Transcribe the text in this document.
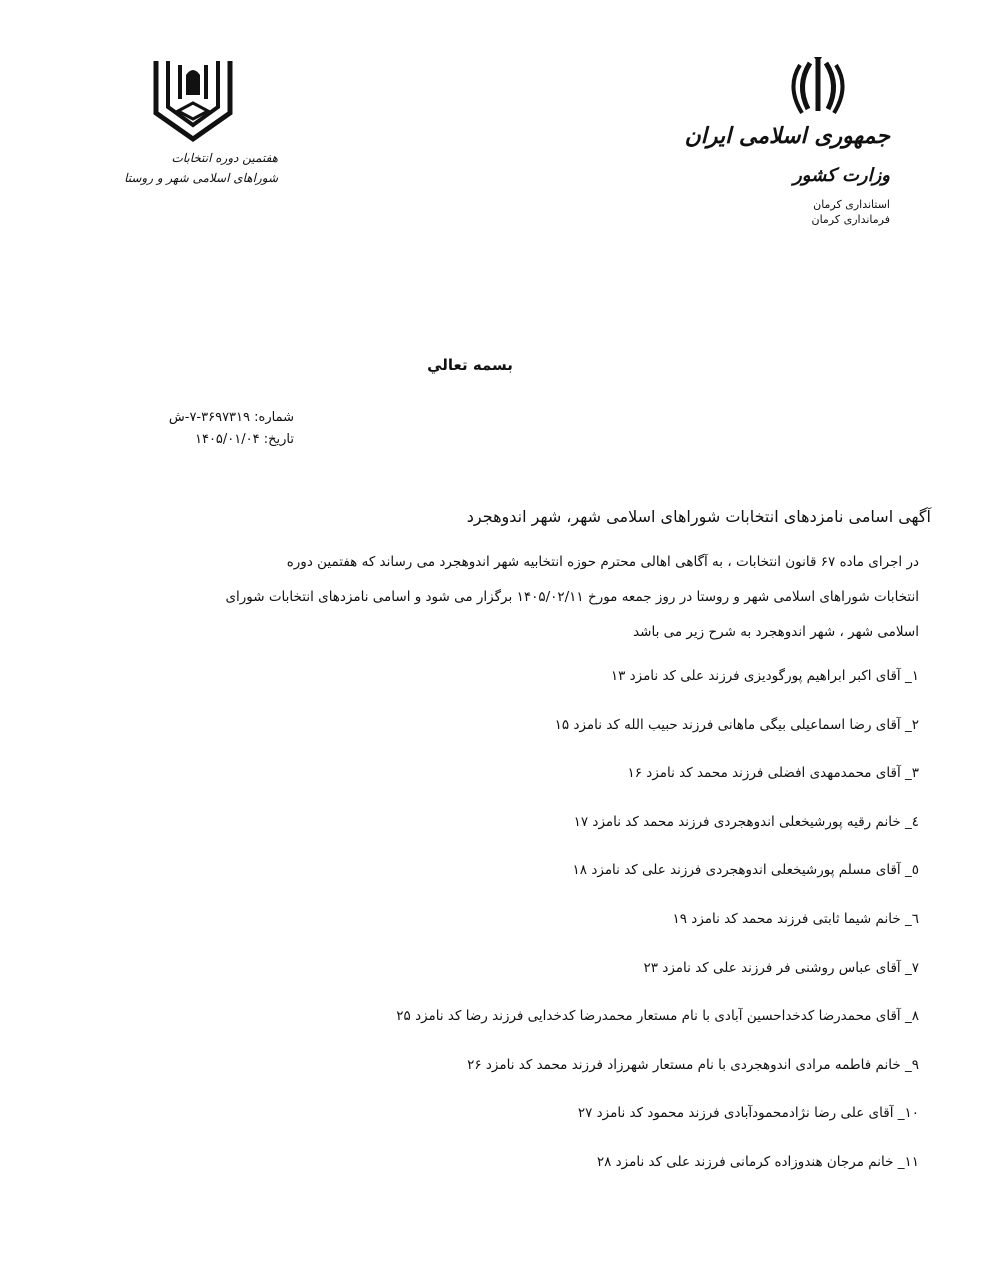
هفتمین دوره انتخابات
شوراهای اسلامی شهر و روستا
جمهوری اسلامی ایران
وزارت کشور
استانداری کرمان
فرمانداری کرمان
بسمه تعالي
شماره: ۳۶۹۷۳۱۹-۷-ش
تاریخ: ۱۴۰۵/۰۱/۰۴
آگهی اسامی نامزدهای انتخابات شوراهای اسلامی شهر، شهر اندوهجرد
در اجرای ماده ۶۷ قانون انتخابات ، به آگاهی اهالی محترم حوزه انتخابیه شهر اندوهجرد می رساند که هفتمین دوره
انتخابات شوراهای اسلامی شهر و روستا در روز جمعه مورخ ۱۴۰۵/۰۲/۱۱ برگزار می شود و اسامی نامزدهای انتخابات شورای
اسلامی شهر ، شهر اندوهجرد به شرح زیر می باشد
۱_ آقای اکبر ابراهیم پورگودیزی فرزند علی کد نامزد ۱۳
۲_ آقای رضا اسماعیلی بیگی ماهانی فرزند حبیب الله کد نامزد ۱۵
۳_ آقای محمدمهدی افضلی فرزند محمد کد نامزد ۱۶
٤_ خانم رقیه پورشیخعلی اندوهجردی فرزند محمد کد نامزد ۱۷
٥_ آقای مسلم پورشیخعلی اندوهجردی فرزند علی کد نامزد ۱۸
٦_ خانم شیما ثابتی فرزند محمد کد نامزد ۱۹
۷_ آقای عباس روشنی فر فرزند علی کد نامزد ۲۳
۸_ آقای محمدرضا کدخداحسین آبادی با نام مستعار محمدرضا کدخدایی فرزند رضا کد نامزد ۲۵
۹_ خانم فاطمه مرادی اندوهجردی با نام مستعار شهرزاد فرزند محمد کد نامزد ۲۶
۱۰_ آقای علی رضا نژادمحمودآبادی فرزند محمود کد نامزد ۲۷
۱۱_ خانم مرجان هندوزاده کرمانی فرزند علی کد نامزد ۲۸
